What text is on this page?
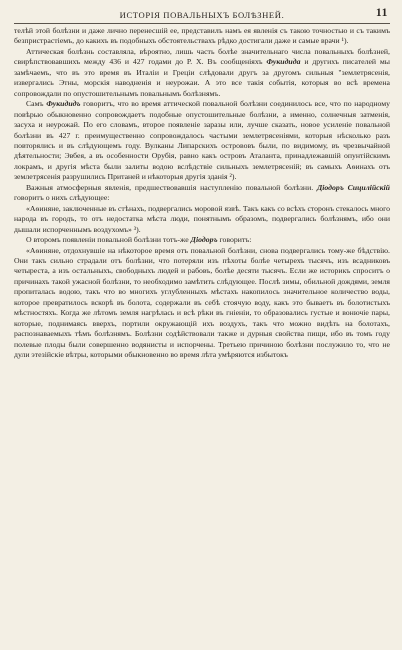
ИСТОРІЯ ПОВАЛЬНЫХЪ БОЛѢЗНЕЙ.	11

телѣй этой болѣзни и даже лично перенесшій ее, представилъ намъ ея явленія съ такою точностью и съ такимъ безпристрастіемъ, до какихъ въ подобныхъ обстоятельствахъ рѣдко достигали даже и самые врачи ¹).

Аттическая болѣзнь составляла, вѣроятно, лишь часть болѣе значительнаго числа повальныхъ болѣзней, свирѣпствовавшихъ между 436 и 427 годами до Р. Х. Въ сообщеніяхъ Фукидида и другихъ писателей мы замѣчаемъ, что въ это время въ Италіи и Греціи слѣдовали другъ за другомъ сильныя "землетрясенія, извергались Этны, морскія наводненія и неурожаи. А это все такія событія, которыя во всѣ времена сопровождали по опустошительнымъ повальнымъ болѣзнямъ.

Самъ Фукидидъ говоритъ, что во время аттической повальной болѣзни соединилось все, что по народному повѣрью обыкновенно сопровождаетъ подобные опустошительные болѣзни, а именно, солнечныя затменія, засуха и неурожай. По его словамъ, второе появленіе заразы или, лучше сказать, новое усиленіе повальной болѣзни въ 427 г. преимущественно сопровождалось частыми землетрясеніями, которыя нѣсколько разъ повторялись и въ слѣдующемъ году. Вулканы Липарскихъ острововъ были, по видимому, въ чрезвычайной дѣятельности; Эвбея, а въ особенности Орубія, равно какъ островъ Аталанта, принадлежавшій опунтійскимъ локрамъ, и другія мѣста были залиты водою вслѣдствіе сильныхъ землетрясеній; въ самыхъ Аѳинахъ отъ землетрясенія разрушились Пританей и нѣкоторыя другія зданія ²).

Важныя атмосферныя явленія, предшествовавшія наступленію повальной болѣзни. Діодоръ Сицилійскій говоритъ о нихъ слѣдующее:

«Аѳиняне, заключенные въ стѣнахъ, подвергались моровой язвѣ. Такъ какъ со всѣхъ сторонъ стекалось много народа въ городъ, то отъ недостатка мѣста люди, понятнымъ образомъ, подвергались болѣзнямъ, ибо они дышали испорченнымъ воздухомъ» ³).

О второмъ появленіи повальной болѣзни тотъ-же Діодоръ говоритъ:

«Аѳиняне, отдохнувшіе на нѣкоторое время отъ повальной болѣзни, снова подвергались тому-же бѣдствію. Они такъ сильно страдали отъ болѣзни, что потеряли изъ пѣхоты болѣе четырехъ тысячъ, изъ всадниковъ четыреста, а изъ остальныхъ, свободныхъ людей и рабовъ, болѣе десяти тысячъ. Если же историкъ спроситъ о причинахъ такой ужасной болѣзни, то необходимо замѣтить слѣдующее. Послѣ зимы, обильной дождями, земля пропиталась водою, такъ что во многихъ углубленныхъ мѣстахъ накопилось значительное количество воды, которое превратилось вскорѣ въ болота, содержали въ себѣ стоячую воду, какъ это бываетъ въ болотистыхъ мѣстностяхъ. Когда же лѣтомъ земля нагрѣлась и всѣ рѣки въ гніеніи, то образовались густые и вонючіе пары, которые, поднимаясь вверхъ, портили окружающій ихъ воздухъ, такъ что можно видѣть на болотахъ, распознаваемыхъ тѣмъ болѣзнямъ. Болѣзни содѣйствовали также и дурныя свойства пищи, ибо въ томъ году полевые плоды были совершенно водянисты и испорчены. Третьею причиною болѣзни послужило то, что не дули этезійскіе вѣтры, которыми обыкновенно во время лѣта умѣряются избытокъ
